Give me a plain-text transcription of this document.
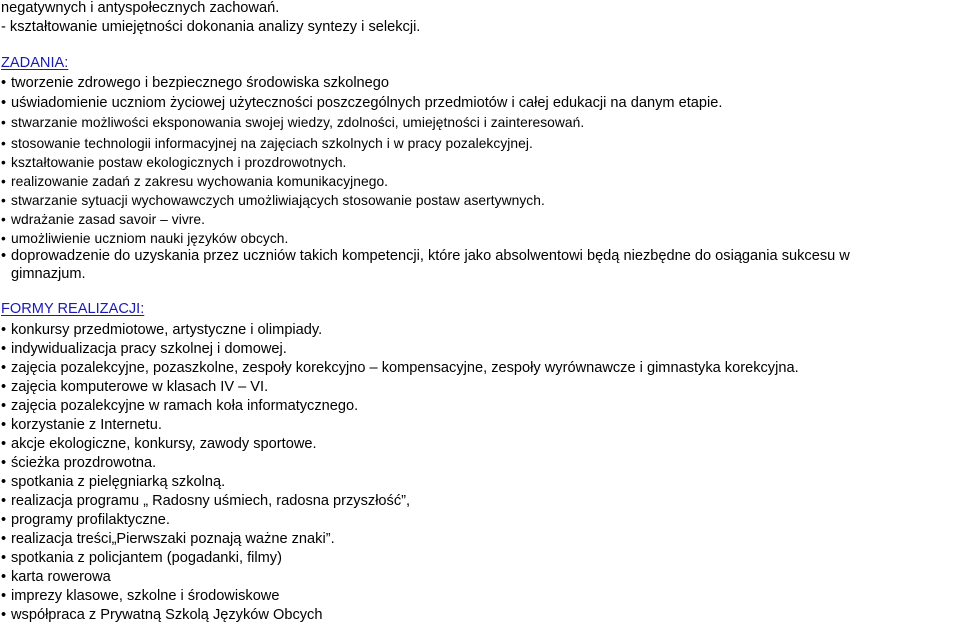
negatywnych i antyspołecznych zachowań.
- kształtowanie umiejętności dokonania analizy syntezy i selekcji.
ZADANIA:
• tworzenie zdrowego i bezpiecznego środowiska szkolnego
• uświadomienie uczniom życiowej użyteczności poszczególnych przedmiotów i całej edukacji na danym etapie.
• stwarzanie możliwości eksponowania swojej wiedzy, zdolności, umiejętności i zainteresowań.
• stosowanie technologii informacyjnej na zajęciach szkolnych i w pracy pozalekcyjnej.
• kształtowanie postaw ekologicznych i prozdrowotnych.
• realizowanie zadań z zakresu wychowania komunikacyjnego.
• stwarzanie sytuacji wychowawczych umożliwiających stosowanie postaw asertywnych.
• wdrażanie zasad savoir – vivre.
• umożliwienie uczniom nauki języków obcych.
• doprowadzenie do uzyskania przez uczniów takich kompetencji, które jako absolwentowi będą niezbędne do osiągania sukcesu w
gimnazjum.
FORMY REALIZACJI:
• konkursy przedmiotowe, artystyczne i olimpiady.
• indywidualizacja pracy szkolnej i domowej.
• zajęcia pozalekcyjne, pozaszkolne, zespoły korekcyjno – kompensacyjne, zespoły wyrównawcze i gimnastyka korekcyjna.
• zajęcia komputerowe w klasach IV – VI.
• zajęcia pozalekcyjne w ramach koła informatycznego.
• korzystanie z Internetu.
• akcje ekologiczne, konkursy, zawody sportowe.
• ścieżka prozdrowotna.
• spotkania z pielęgniarką szkolną.
• realizacja programu „ Radosny uśmiech, radosna przyszłość”,
• programy profilaktyczne.
• realizacja treści„Pierwszaki poznają ważne znaki”.
• spotkania z policjantem (pogadanki, filmy)
• karta rowerowa
• imprezy klasowe, szkolne i środowiskowe
• współpraca z Prywatną Szkolą Języków Obcych
